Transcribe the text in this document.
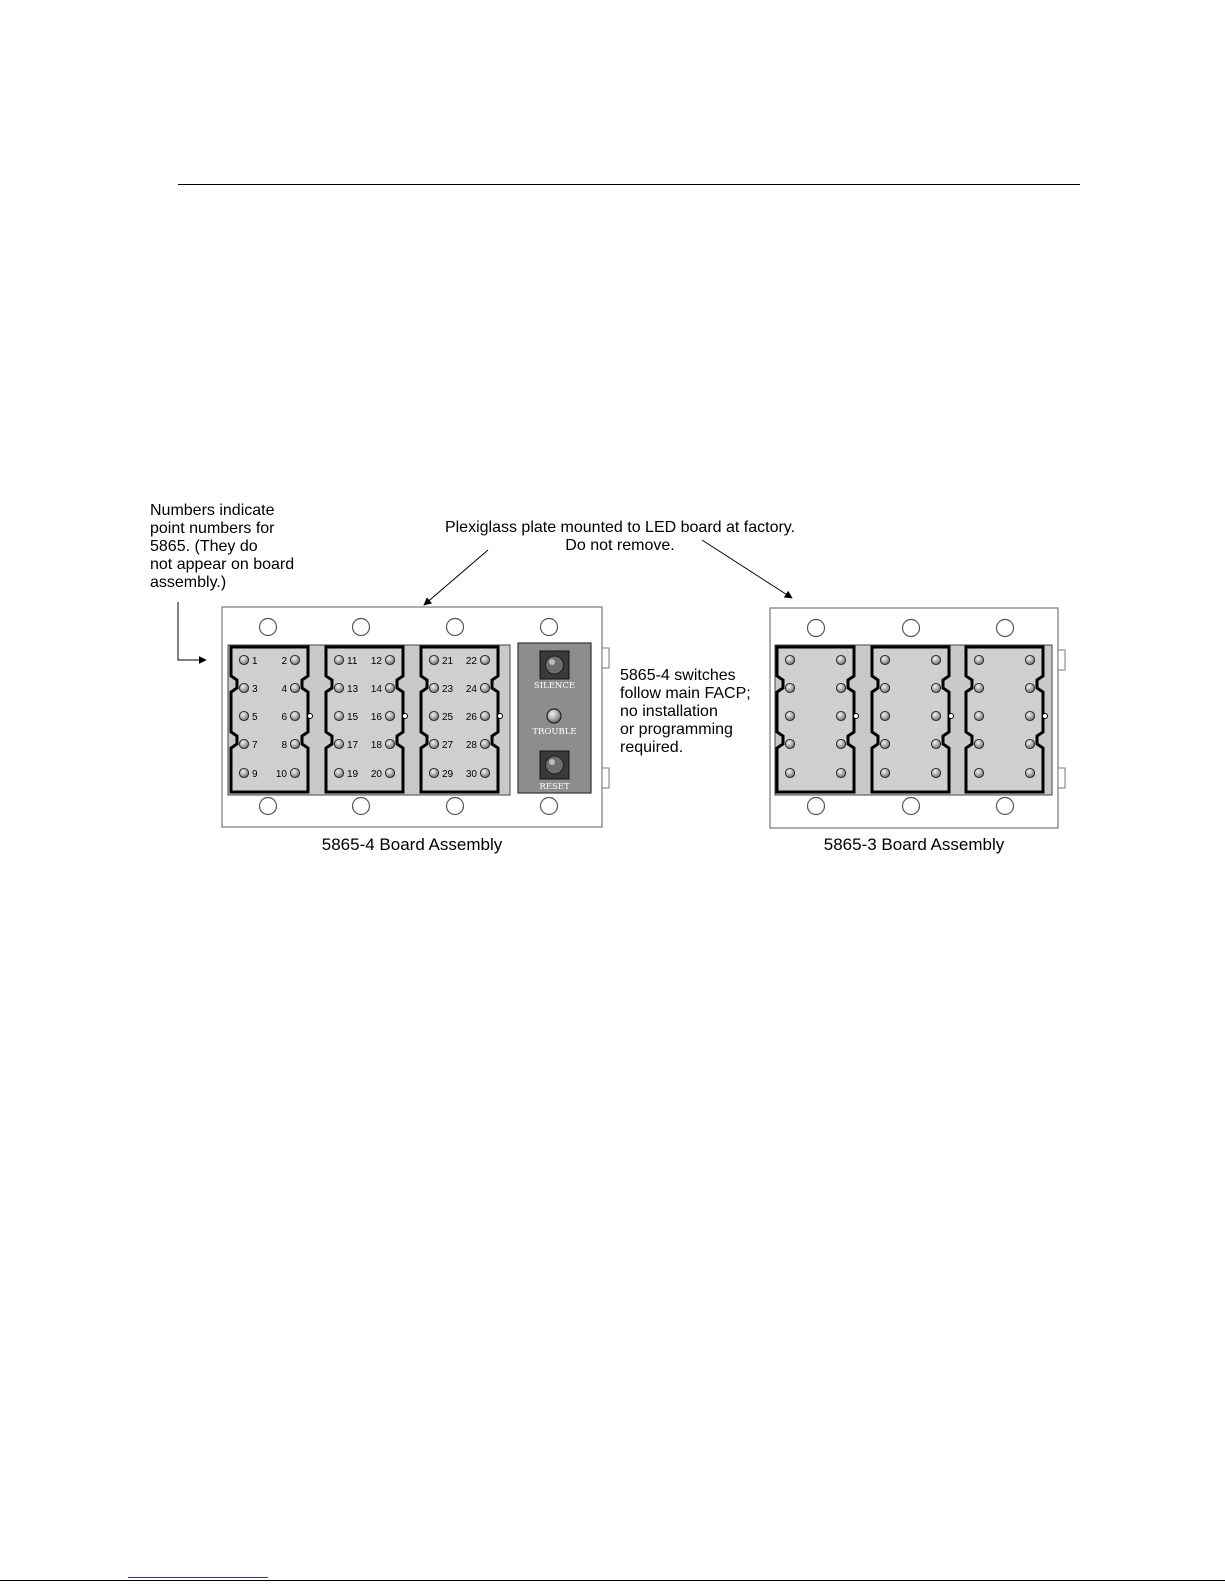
Numbers indicate
point numbers for
5865. (They do
not appear on board
assembly.)
Plexiglass plate mounted to LED board at factory.
Do not remove.
5865-4 switches
follow main FACP;
no installation
or programming
required.
5865-4 Board Assembly	5865-3 Board Assembly
1 2
3 4
5 6
7 8
9 10
11 12
13 14
15 16
17 18
19 20
21 22
23 24
25 26
27 28
29 30
SILENCE
TROUBLE
RESET
